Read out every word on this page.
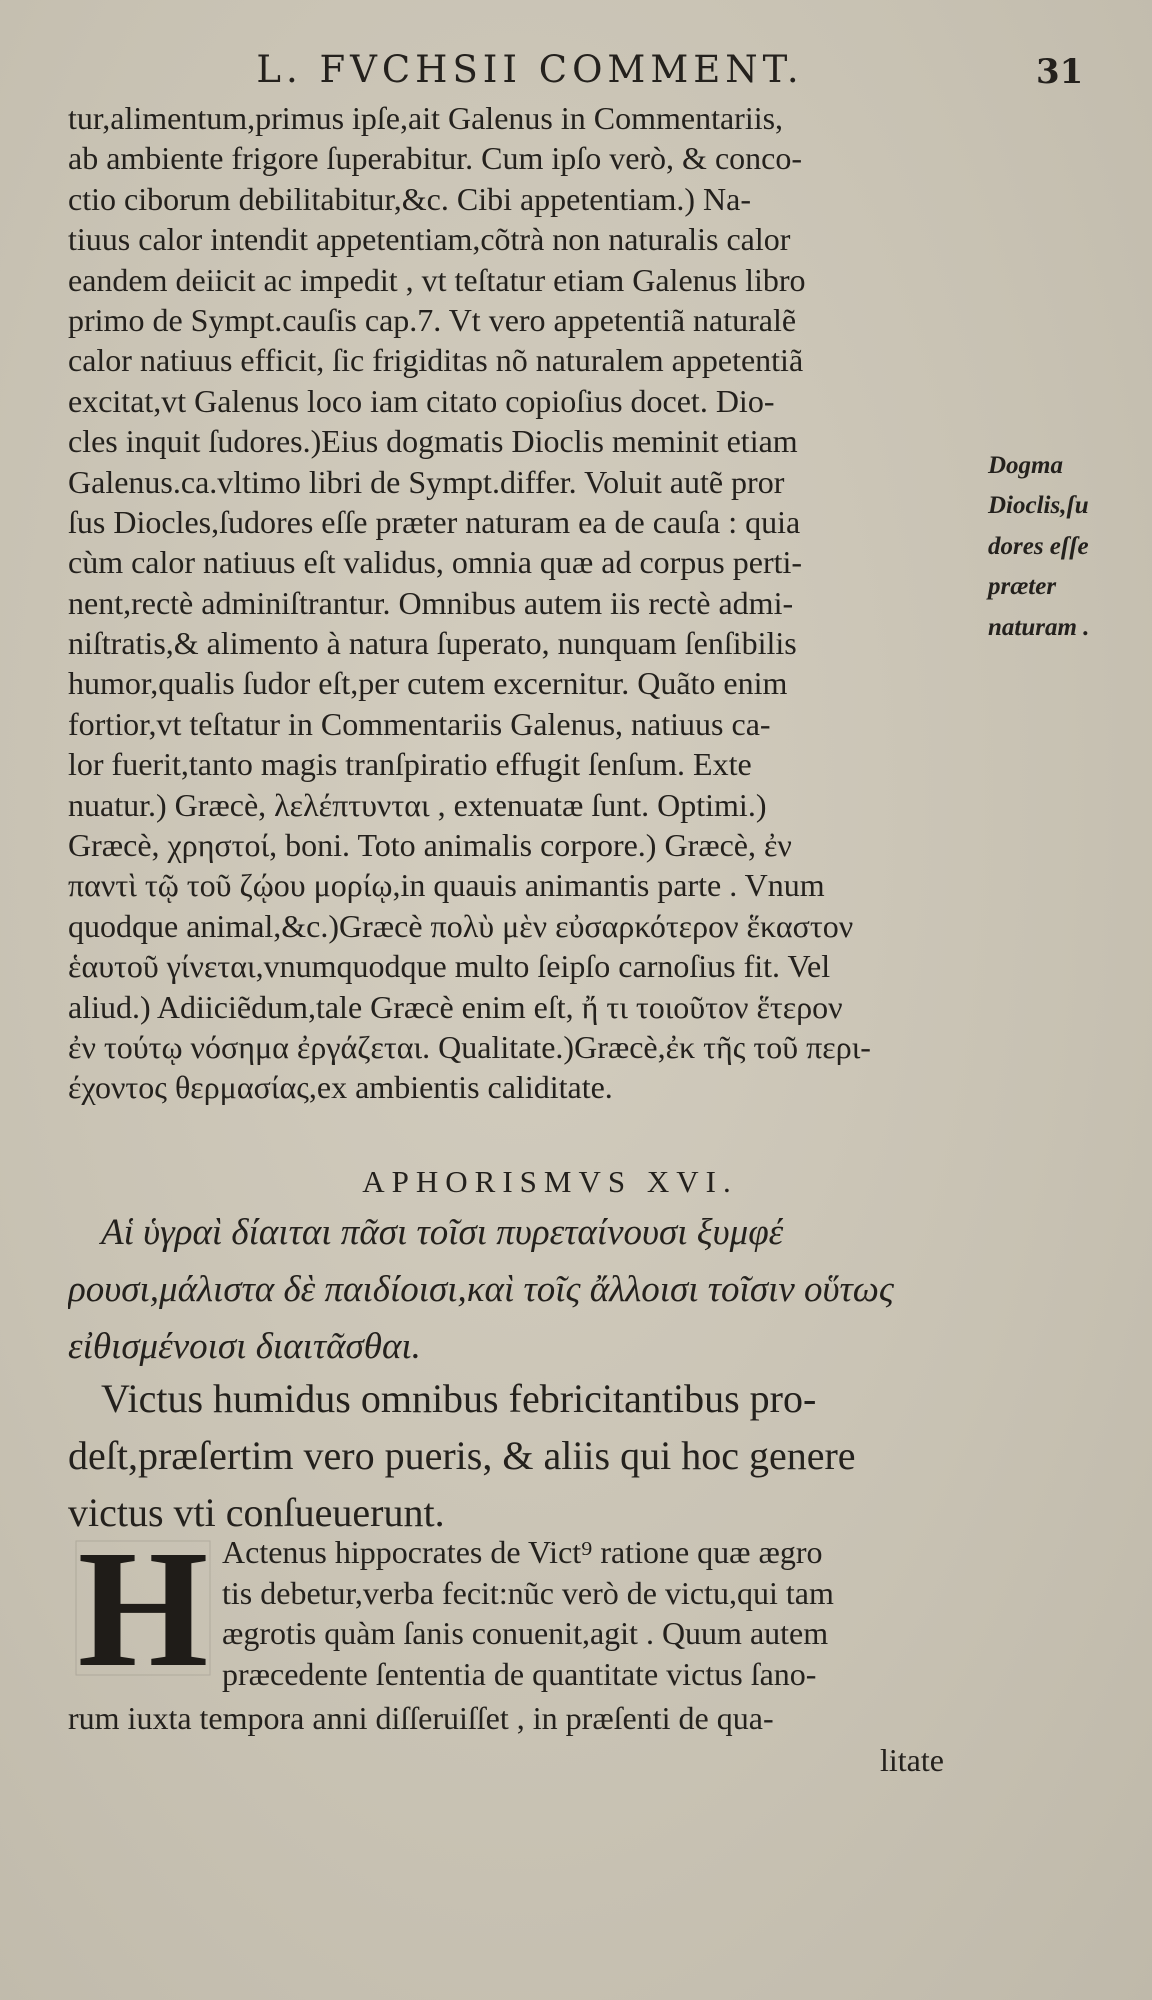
L. FVCHSII COMMENT.	31
tur,alimentum,primus ipſe,ait Galenus in Commentariis,
ab ambiente frigore ſuperabitur. Cum ipſo verò, & conco-
ctio ciborum debilitabitur,&c. Cibi appetentiam.) Na-
tiuus calor intendit appetentiam,cõtrà non naturalis calor
eandem deiicit ac impedit , vt teſtatur etiam Galenus libro
primo de Sympt.cauſis cap.7. Vt vero appetentiã naturalẽ
calor natiuus efficit, ſic frigiditas nõ naturalem appetentiã
excitat,vt Galenus loco iam citato copioſius docet. Dio-
cles inquit ſudores.)Eius dogmatis Dioclis meminit etiam
Galenus.ca.vltimo libri de Sympt.differ. Voluit autẽ pror
ſus Diocles,ſudores eſſe præter naturam ea de cauſa : quia
cùm calor natiuus eſt validus, omnia quæ ad corpus perti-
nent,rectè adminiſtrantur. Omnibus autem iis rectè admi-
niſtratis,& alimento à natura ſuperato, nunquam ſenſibilis
humor,qualis ſudor eſt,per cutem excernitur. Quãto enim
fortior,vt teſtatur in Commentariis Galenus, natiuus ca-
lor fuerit,tanto magis tranſpiratio effugit ſenſum. Exte
nuatur.) Græcè, λελέπτυνται , extenuatæ ſunt. Optimi.)
Græcè, χρηστοί, boni. Toto animalis corpore.) Græcè, ἐν
παντὶ τῷ τοῦ ζῴου μορίῳ,in quauis animantis parte . Vnum
quodque animal,&c.)Græcè πολὺ μὲν εὐσαρκότερον ἕκαστον
ἑαυτοῦ γίνεται,vnumquodque multo ſeipſo carnoſius fit. Vel
aliud.) Adiiciẽdum,tale Græcè enim eſt, ἤ τι τοιοῦτον ἕτερον
ἐν τούτῳ νόσημα ἐργάζεται. Qualitate.)Græcè,ἐκ τῆς τοῦ περι-
έχοντος θερμασίας,ex ambientis caliditate.
Dogma
Dioclis,ſu
dores eſſe
præter
naturam .
APHORISMVS XVI.
Αἱ ὑγραὶ δίαιται πᾶσι τοῖσι πυρεταίνουσι ξυμφέ
ρουσι,μάλιστα δὲ παιδίοισι,καὶ τοῖς ἄλλοισι τοῖσιν οὕτως
εἰθισμένοισι διαιτᾶσθαι.
Victus humidus omnibus febricitantibus pro-
deſt,præſertim vero pueris, & aliis qui hoc genere
victus vti conſueuerunt.
H Actenus hippocrates de Vict⁹ ratione quæ ægro
tis debetur,verba fecit:nũc verò de victu,qui tam
ægrotis quàm ſanis conuenit,agit . Quum autem
præcedente ſententia de quantitate victus ſano-
rum iuxta tempora anni diſſeruiſſet , in præſenti de qua-
litate
